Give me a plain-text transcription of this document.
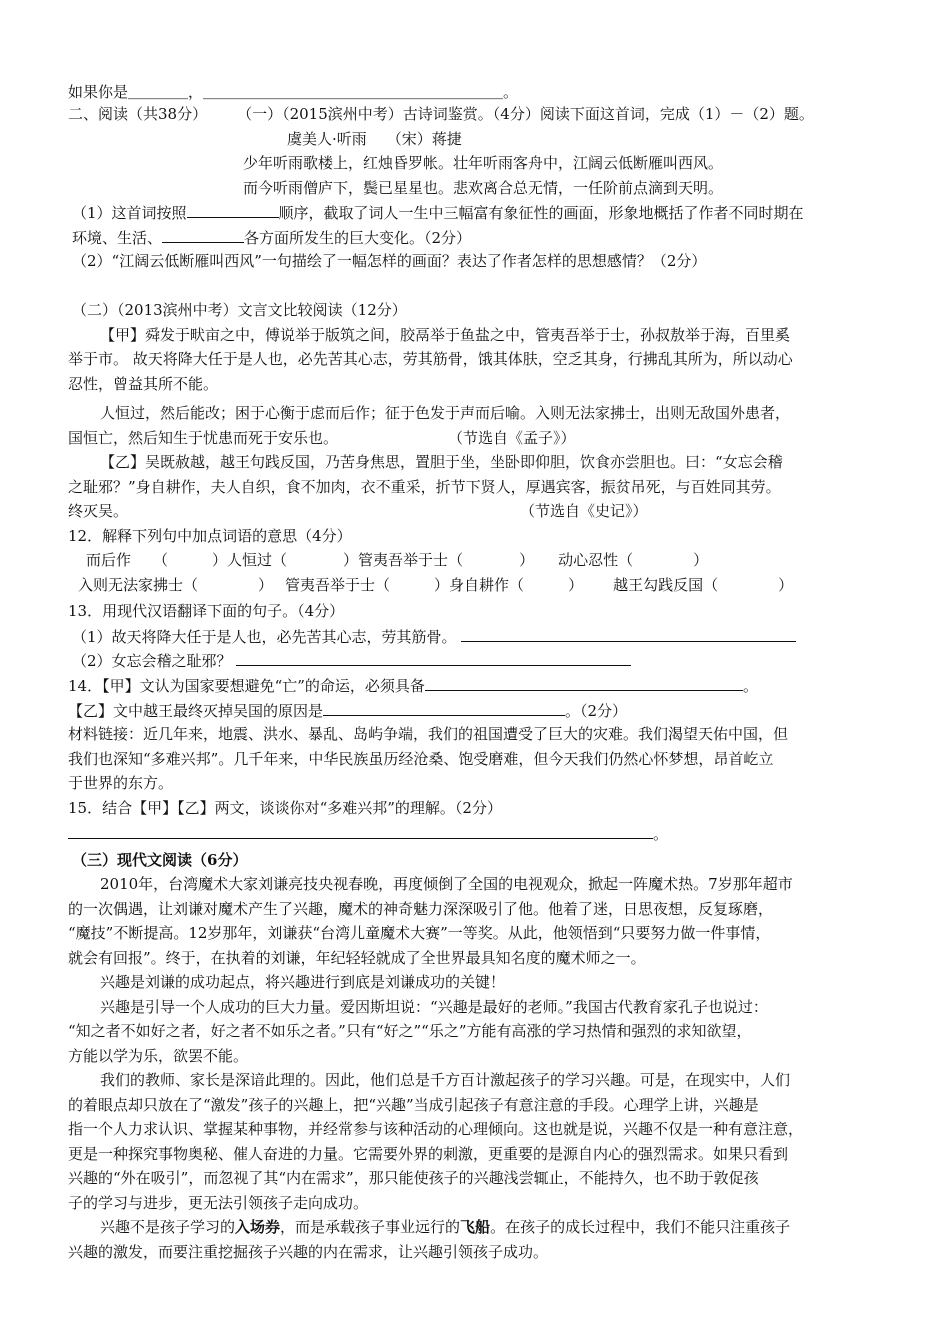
如果你是＿＿＿＿，＿＿＿＿＿＿＿＿＿＿＿＿＿＿＿＿＿＿＿＿。
二、阅读（共38分） （一）（2015滨州中考）古诗词鉴赏。（4分）阅读下面这首词，完成（1）－（2）题。
虞美人·听雨 （宋）蒋捷
少年听雨歌楼上，红烛昏罗帐。壮年听雨客舟中，江阔云低断雁叫西风。
而今听雨僧庐下，鬓已星星也。悲欢离合总无情，一任阶前点滴到天明。
（1）这首词按照	顺序，截取了词人一生中三幅富有象征性的画面，形象地概括了作者不同时期在
环境、生活、	各方面所发生的巨大变化。（2分）
（2）“江阔云低断雁叫西风”一句描绘了一幅怎样的画面？表达了作者怎样的思想感情？（2分）
（二）（2013滨州中考）文言文比较阅读（12分）
【甲】舜发于畎亩之中，傅说举于版筑之间，胶鬲举于鱼盐之中，管夷吾举于士，孙叔敖举于海，百里奚
举于市。 故天将降大任于是人也，必先苦其心志，劳其筋骨，饿其体肤，空乏其身，行拂乱其所为，所以动心
忍性，曾益其所不能。
人恒过，然后能改；困于心衡于虑而后作；征于色发于声而后喻。入则无法家拂士，出则无敌国外患者，
国恒亡，然后知生于忧患而死于安乐也。	（节选自《孟子》）
【乙】吴既赦越，越王句践反国，乃苦身焦思，置胆于坐，坐卧即仰胆，饮食亦尝胆也。曰：“女忘会稽
之耻邪？”身自耕作，夫人自织，食不加肉，衣不重采，折节下贤人，厚遇宾客，振贫吊死，与百姓同其劳。
终灭吴。	（节选自《史记》）
12．解释下列句中加点词语的意思（4分）
而后作 （	）人恒过（	）管夷吾举于士（	） 动心忍性（	）
入则无法家拂士（	） 管夷吾举于士（	）身自耕作（	） 越王勾践反国（	）
13．用现代汉语翻译下面的句子。（4分）
（1）故天将降大任于是人也，必先苦其心志，劳其筋骨。
（2）女忘会稽之耻邪？
14．【甲】文认为国家要想避免“亡”的命运，必须具备	。
【乙】文中越王最终灭掉吴国的原因是	。（2分）
材料链接：近几年来，地震、洪水、暴乱、岛屿争端，我们的祖国遭受了巨大的灾难。我们渴望天佑中国，但
我们也深知“多难兴邦”。几千年来，中华民族虽历经沧桑、饱受磨难，但今天我们仍然心怀梦想，昂首屹立
于世界的东方。
15．结合【甲】【乙】两文，谈谈你对“多难兴邦”的理解。（2分）
。
（三）现代文阅读（6分）
2010年，台湾魔术大家刘谦亮技央视春晚，再度倾倒了全国的电视观众，掀起一阵魔术热。7岁那年超市
的一次偶遇，让刘谦对魔术产生了兴趣，魔术的神奇魅力深深吸引了他。他着了迷，日思夜想，反复琢磨，
“魔技”不断提高。12岁那年，刘谦获“台湾儿童魔术大赛”一等奖。从此，他领悟到“只要努力做一件事情，
就会有回报”。终于，在执着的刘谦，年纪轻轻就成了全世界最具知名度的魔术师之一。
兴趣是刘谦的成功起点，将兴趣进行到底是刘谦成功的关键！
兴趣是引导一个人成功的巨大力量。爱因斯坦说：“兴趣是最好的老师。”我国古代教育家孔子也说过：
“知之者不如好之者，好之者不如乐之者。”只有“好之”“乐之”方能有高涨的学习热情和强烈的求知欲望，
方能以学为乐，欲罢不能。
我们的教师、家长是深谙此理的。因此，他们总是千方百计激起孩子的学习兴趣。可是，在现实中，人们
的着眼点却只放在了“激发”孩子的兴趣上，把“兴趣”当成引起孩子有意注意的手段。心理学上讲，兴趣是
指一个人力求认识、掌握某种事物，并经常参与该种活动的心理倾向。这也就是说，兴趣不仅是一种有意注意，
更是一种探究事物奥秘、催人奋进的力量。它需要外界的刺激，更重要的是源自内心的强烈需求。如果只看到
兴趣的“外在吸引”，而忽视了其“内在需求”，那只能使孩子的兴趣浅尝辄止，不能持久，也不助于敦促孩
子的学习与进步，更无法引领孩子走向成功。
兴趣不是孩子学习的入场券，而是承载孩子事业远行的飞船。在孩子的成长过程中，我们不能只注重孩子
兴趣的激发，而要注重挖掘孩子兴趣的内在需求，让兴趣引领孩子成功。
